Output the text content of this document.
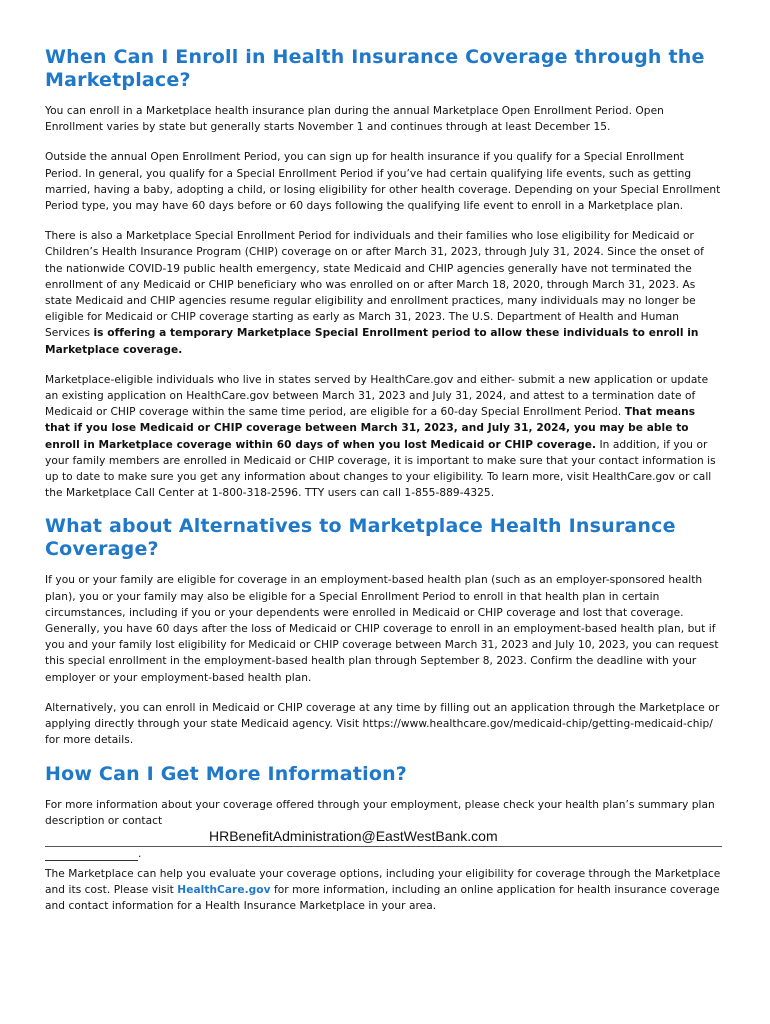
When Can I Enroll in Health Insurance Coverage through the Marketplace?

You can enroll in a Marketplace health insurance plan during the annual Marketplace Open Enrollment Period. Open Enrollment varies by state but generally starts November 1 and continues through at least December 15.

Outside the annual Open Enrollment Period, you can sign up for health insurance if you qualify for a Special Enrollment Period. In general, you qualify for a Special Enrollment Period if you’ve had certain qualifying life events, such as getting married, having a baby, adopting a child, or losing eligibility for other health coverage. Depending on your Special Enrollment Period type, you may have 60 days before or 60 days following the qualifying life event to enroll in a Marketplace plan.

There is also a Marketplace Special Enrollment Period for individuals and their families who lose eligibility for Medicaid or Children’s Health Insurance Program (CHIP) coverage on or after March 31, 2023, through July 31, 2024. Since the onset of the nationwide COVID-19 public health emergency, state Medicaid and CHIP agencies generally have not terminated the enrollment of any Medicaid or CHIP beneficiary who was enrolled on or after March 18, 2020, through March 31, 2023. As state Medicaid and CHIP agencies resume regular eligibility and enrollment practices, many individuals may no longer be eligible for Medicaid or CHIP coverage starting as early as March 31, 2023. The U.S. Department of Health and Human Services is offering a temporary Marketplace Special Enrollment period to allow these individuals to enroll in Marketplace coverage.

Marketplace-eligible individuals who live in states served by HealthCare.gov and either- submit a new application or update an existing application on HealthCare.gov between March 31, 2023 and July 31, 2024, and attest to a termination date of Medicaid or CHIP coverage within the same time period, are eligible for a 60-day Special Enrollment Period. That means that if you lose Medicaid or CHIP coverage between March 31, 2023, and July 31, 2024, you may be able to enroll in Marketplace coverage within 60 days of when you lost Medicaid or CHIP coverage. In addition, if you or your family members are enrolled in Medicaid or CHIP coverage, it is important to make sure that your contact information is up to date to make sure you get any information about changes to your eligibility. To learn more, visit HealthCare.gov or call the Marketplace Call Center at 1-800-318-2596. TTY users can call 1-855-889-4325.

What about Alternatives to Marketplace Health Insurance Coverage?

If you or your family are eligible for coverage in an employment-based health plan (such as an employer-sponsored health plan), you or your family may also be eligible for a Special Enrollment Period to enroll in that health plan in certain circumstances, including if you or your dependents were enrolled in Medicaid or CHIP coverage and lost that coverage. Generally, you have 60 days after the loss of Medicaid or CHIP coverage to enroll in an employment-based health plan, but if you and your family lost eligibility for Medicaid or CHIP coverage between March 31, 2023 and July 10, 2023, you can request this special enrollment in the employment-based health plan through September 8, 2023. Confirm the deadline with your employer or your employment-based health plan.

Alternatively, you can enroll in Medicaid or CHIP coverage at any time by filling out an application through the Marketplace or applying directly through your state Medicaid agency. Visit https://www.healthcare.gov/medicaid-chip/getting-medicaid-chip/ for more details.

How Can I Get More Information?

For more information about your coverage offered through your employment, please check your health plan’s summary plan description or contact

HRBenefitAdministration@EastWestBank.com
.

The Marketplace can help you evaluate your coverage options, including your eligibility for coverage through the Marketplace and its cost. Please visit HealthCare.gov for more information, including an online application for health insurance coverage and contact information for a Health Insurance Marketplace in your area.
